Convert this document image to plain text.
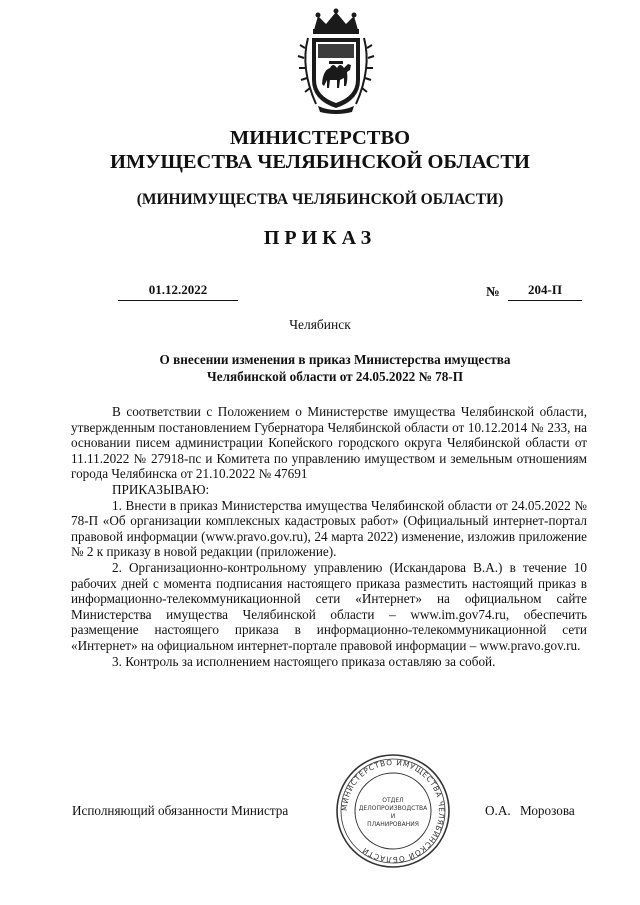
МИНИСТЕРСТВО
ИМУЩЕСТВА ЧЕЛЯБИНСКОЙ ОБЛАСТИ
(МИНИМУЩЕСТВА ЧЕЛЯБИНСКОЙ ОБЛАСТИ)
ПРИКАЗ
01.12.2022	№	204-П
Челябинск
О внесении изменения в приказ Министерства имущества
Челябинской области от 24.05.2022 № 78-П

В соответствии с Положением о Министерстве имущества Челябинской области, утвержденным постановлением Губернатора Челябинской области от 10.12.2014 № 233, на основании писем администрации Копейского городского округа Челябинской области от 11.11.2022 № 27918-пс и Комитета по управлению имуществом и земельным отношениям города Челябинска от 21.10.2022 № 47691

ПРИКАЗЫВАЮ:

1. Внести в приказ Министерства имущества Челябинской области от 24.05.2022 № 78-П «Об организации комплексных кадастровых работ» (Официальный интернет-портал правовой информации (www.pravo.gov.ru), 24 марта 2022) изменение, изложив приложение № 2 к приказу в новой редакции (приложение).

2. Организационно-контрольному управлению (Искандарова В.А.) в течение 10 рабочих дней с момента подписания настоящего приказа разместить настоящий приказ в информационно-телекоммуникационной сети «Интернет» на официальном сайте Министерства имущества Челябинской области – www.im.gov74.ru, обеспечить размещение настоящего приказа в информационно-телекоммуникационной сети «Интернет» на официальном интернет-портале правовой информации – www.pravo.gov.ru.

3. Контроль за исполнением настоящего приказа оставляю за собой.

Исполняющий обязанности Министра	О.А. Морозова
МИНИСТЕРСТВО ИМУЩЕСТВА ЧЕЛЯБИНСКОЙ ОБЛАСТИ
ОТДЕЛ
ДЕЛОПРОИЗВОДСТВА
И
ПЛАНИРОВАНИЯ
